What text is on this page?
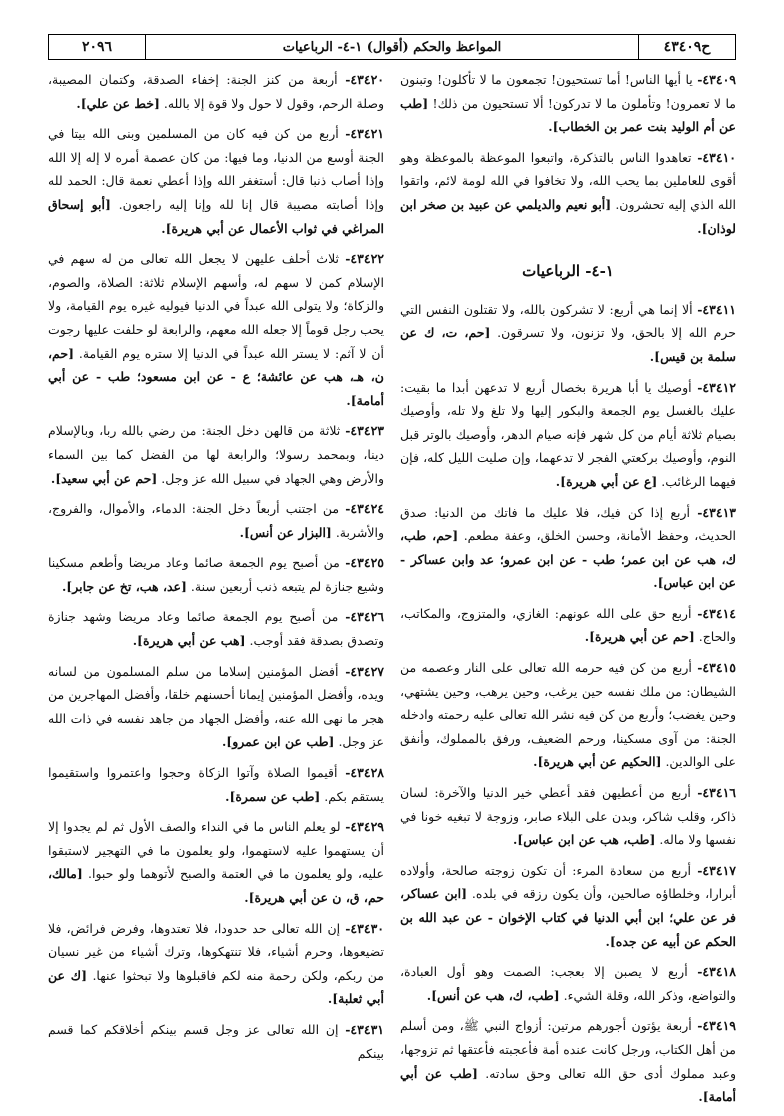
ح٤٣٤٠٩
المواعظ والحكم (أقوال) ١-٤- الرباعيات
٢٠٩٦

٤٣٤٠٩- يا أيها الناس! أما تستحيون! تجمعون ما لا تأكلون! وتبنون ما لا تعمرون! وتأملون ما لا تدركون! ألا تستحيون من ذلك! [طب عن أم الوليد بنت عمر بن الخطاب].

٤٣٤١٠- تعاهدوا الناس بالتذكرة، واتبعوا الموعظة بالموعظة وهو أقوى للعاملين بما يحب الله، ولا تخافوا في الله لومة لائم، واتقوا الله الذي إليه تحشرون. [أبو نعيم والديلمي عن عبيد بن صخر ابن لوذان].

١-٤- الرباعيات

٤٣٤١١- ألا إنما هي أربع: لا تشركون بالله، ولا تقتلون النفس التي حرم الله إلا بالحق، ولا تزنون، ولا تسرقون. [حم، ت، ك عن سلمة بن قيس].

٤٣٤١٢- أوصيك يا أبا هريرة بخصال أربع لا تدعهن أبدا ما بقيت: عليك بالغسل يوم الجمعة والبكور إليها ولا تلغ ولا تله، وأوصيك بصيام ثلاثة أيام من كل شهر فإنه صيام الدهر، وأوصيك بالوتر قبل النوم، وأوصيك بركعتي الفجر لا تدعهما، وإن صليت الليل كله، فإن فيهما الرغائب. [ع عن أبي هريرة].

٤٣٤١٣- أربع إذا كن فيك، فلا عليك ما فاتك من الدنيا: صدق الحديث، وحفظ الأمانة، وحسن الخلق، وعفة مطعم. [حم، طب، ك، هب عن ابن عمر؛ طب - عن ابن عمرو؛ عد وابن عساكر - عن ابن عباس].

٤٣٤١٤- أربع حق على الله عونهم: الغازي، والمتزوج، والمكاتب، والحاج. [حم عن أبي هريرة].

٤٣٤١٥- أربع من كن فيه حرمه الله تعالى على النار وعصمه من الشيطان: من ملك نفسه حين يرغب، وحين يرهب، وحين يشتهي، وحين يغضب؛ وأربع من كن فيه نشر الله تعالى عليه رحمته وادخله الجنة: من آوى مسكينا، ورحم الضعيف، ورفق بالمملوك، وأنفق على الوالدين. [الحكيم عن أبي هريرة].

٤٣٤١٦- أربع من أعطيهن فقد أعطي خير الدنيا والآخرة: لسان ذاكر، وقلب شاكر، وبدن على البلاء صابر، وزوجة لا تبغيه خونا في نفسها ولا ماله. [طب، هب عن ابن عباس].

٤٣٤١٧- أربع من سعادة المرء: أن تكون زوجته صالحة، وأولاده أبرارا، وخلطاؤه صالحين، وأن يكون رزقه في بلده. [ابن عساكر، فر عن علي؛ ابن أبي الدنيا في كتاب الإخوان - عن عبد الله بن الحكم عن أبيه عن جده].

٤٣٤١٨- أربع لا يصبن إلا بعجب: الصمت وهو أول العبادة، والتواضع، وذكر الله، وقلة الشيء. [طب، ك، هب عن أنس].

٤٣٤١٩- أربعة يؤتون أجورهم مرتين: أزواج النبي ﷺ، ومن أسلم من أهل الكتاب، ورجل كانت عنده أمة فأعجبته فأعتقها ثم تزوجها، وعبد مملوك أدى حق الله تعالى وحق سادته. [طب عن أبي أمامة].

٤٣٤٢٠- أربعة من كنز الجنة: إخفاء الصدقة، وكتمان المصيبة، وصلة الرحم، وقول لا حول ولا قوة إلا بالله. [خط عن علي].

٤٣٤٢١- أربع من كن فيه كان من المسلمين وبنى الله بيتا في الجنة أوسع من الدنيا، وما فيها: من كان عصمة أمره لا إله إلا الله وإذا أصاب ذنبا قال: أستغفر الله وإذا أعطي نعمة قال: الحمد لله وإذا أصابته مصيبة قال إنا لله وإنا إليه راجعون. [أبو إسحاق المراغي في ثواب الأعمال عن أبي هريرة].

٤٣٤٢٢- ثلاث أحلف عليهن لا يجعل الله تعالى من له سهم في الإسلام كمن لا سهم له، وأسهم الإسلام ثلاثة: الصلاة، والصوم، والزكاة؛ ولا يتولى الله عبداً في الدنيا فيوليه غيره يوم القيامة، ولا يحب رجل قوماً إلا جعله الله معهم، والرابعة لو حلفت عليها رجوت أن لا آثم: لا يستر الله عبداً في الدنيا إلا ستره يوم القيامة. [حم، ن، هـ، هب عن عائشة؛ ع - عن ابن مسعود؛ طب - عن أبي أمامة].

٤٣٤٢٣- ثلاثة من قالهن دخل الجنة: من رضي بالله ربا، وبالإسلام دينا، وبمحمد رسولا؛ والرابعة لها من الفضل كما بين السماء والأرض وهي الجهاد في سبيل الله عز وجل. [حم عن أبي سعيد].

٤٣٤٢٤- من اجتنب أربعاً دخل الجنة: الدماء، والأموال، والفروج، والأشربة. [البزار عن أنس].

٤٣٤٢٥- من أصبح يوم الجمعة صائما وعاد مريضا وأطعم مسكينا وشيع جنازة لم يتبعه ذنب أربعين سنة. [عد، هب، تخ عن جابر].

٤٣٤٢٦- من أصبح يوم الجمعة صائما وعاد مريضا وشهد جنازة وتصدق بصدقة فقد أوجب. [هب عن أبي هريرة].

٤٣٤٢٧- أفضل المؤمنين إسلاما من سلم المسلمون من لسانه ويده، وأفضل المؤمنين إيمانا أحسنهم خلقا، وأفضل المهاجرين من هجر ما نهى الله عنه، وأفضل الجهاد من جاهد نفسه في ذات الله عز وجل. [طب عن ابن عمرو].

٤٣٤٢٨- أقيموا الصلاة وآتوا الزكاة وحجوا واعتمروا واستقيموا يستقم بكم. [طب عن سمرة].

٤٣٤٢٩- لو يعلم الناس ما في النداء والصف الأول ثم لم يجدوا إلا أن يستهموا عليه لاستهموا، ولو يعلمون ما في التهجير لاستبقوا عليه، ولو يعلمون ما في العتمة والصبح لأتوهما ولو حبوا. [مالك، حم، ق، ن عن أبي هريرة].

٤٣٤٣٠- إن الله تعالى حد حدودا، فلا تعتدوها، وفرض فرائض، فلا تضيعوها، وحرم أشياء، فلا تنتهكوها، وترك أشياء من غير نسيان من ربكم، ولكن رحمة منه لكم فاقبلوها ولا تبحثوا عنها. [ك عن أبي ثعلبة].

٤٣٤٣١- إن الله تعالى عز وجل قسم بينكم أخلاقكم كما قسم بينكم
